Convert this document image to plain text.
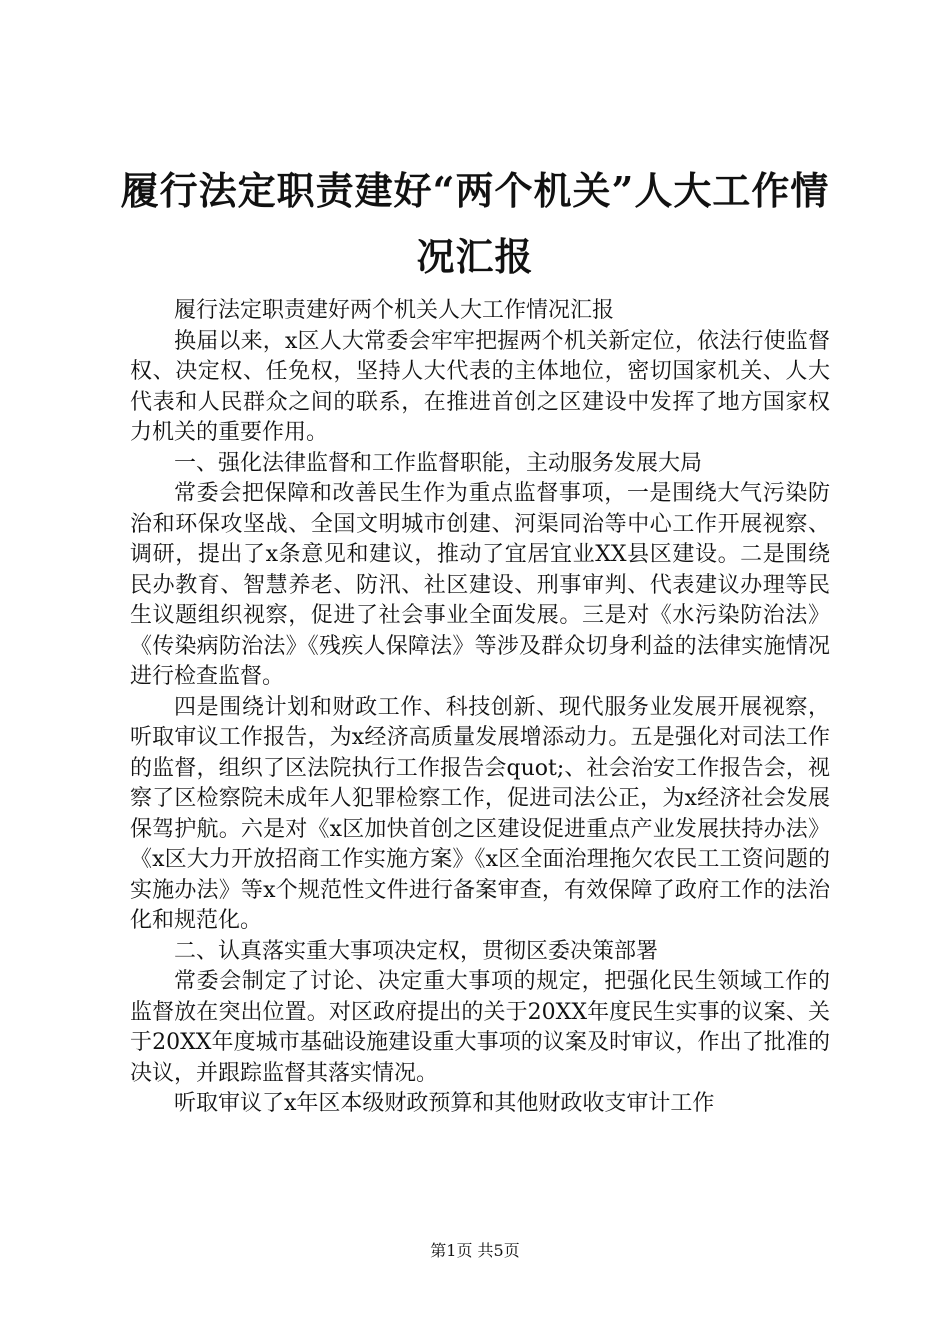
履行法定职责建好“两个机关”人大工作情况汇报

履行法定职责建好两个机关人大工作情况汇报

换届以来，x区人大常委会牢牢把握两个机关新定位，依法行使监督权、决定权、任免权，坚持人大代表的主体地位，密切国家机关、人大代表和人民群众之间的联系，在推进首创之区建设中发挥了地方国家权力机关的重要作用。

一、强化法律监督和工作监督职能，主动服务发展大局

常委会把保障和改善民生作为重点监督事项，一是围绕大气污染防治和环保攻坚战、全国文明城市创建、河渠同治等中心工作开展视察、调研，提出了x条意见和建议，推动了宜居宜业XX县区建设。二是围绕民办教育、智慧养老、防汛、社区建设、刑事审判、代表建议办理等民生议题组织视察，促进了社会事业全面发展。三是对《水污染防治法》《传染病防治法》《残疾人保障法》等涉及群众切身利益的法律实施情况进行检查监督。

四是围绕计划和财政工作、科技创新、现代服务业发展开展视察，听取审议工作报告，为x经济高质量发展增添动力。五是强化对司法工作的监督，组织了区法院执行工作报告会quot;、社会治安工作报告会，视察了区检察院未成年人犯罪检察工作，促进司法公正，为x经济社会发展保驾护航。六是对《x区加快首创之区建设促进重点产业发展扶持办法》《x区大力开放招商工作实施方案》《x区全面治理拖欠农民工工资问题的实施办法》等x个规范性文件进行备案审查，有效保障了政府工作的法治化和规范化。

二、认真落实重大事项决定权，贯彻区委决策部署

常委会制定了讨论、决定重大事项的规定，把强化民生领域工作的监督放在突出位置。对区政府提出的关于20XX年度民生实事的议案、关于20XX年度城市基础设施建设重大事项的议案及时审议，作出了批准的决议，并跟踪监督其落实情况。

听取审议了x年区本级财政预算和其他财政收支审计工作

第1页 共5页
